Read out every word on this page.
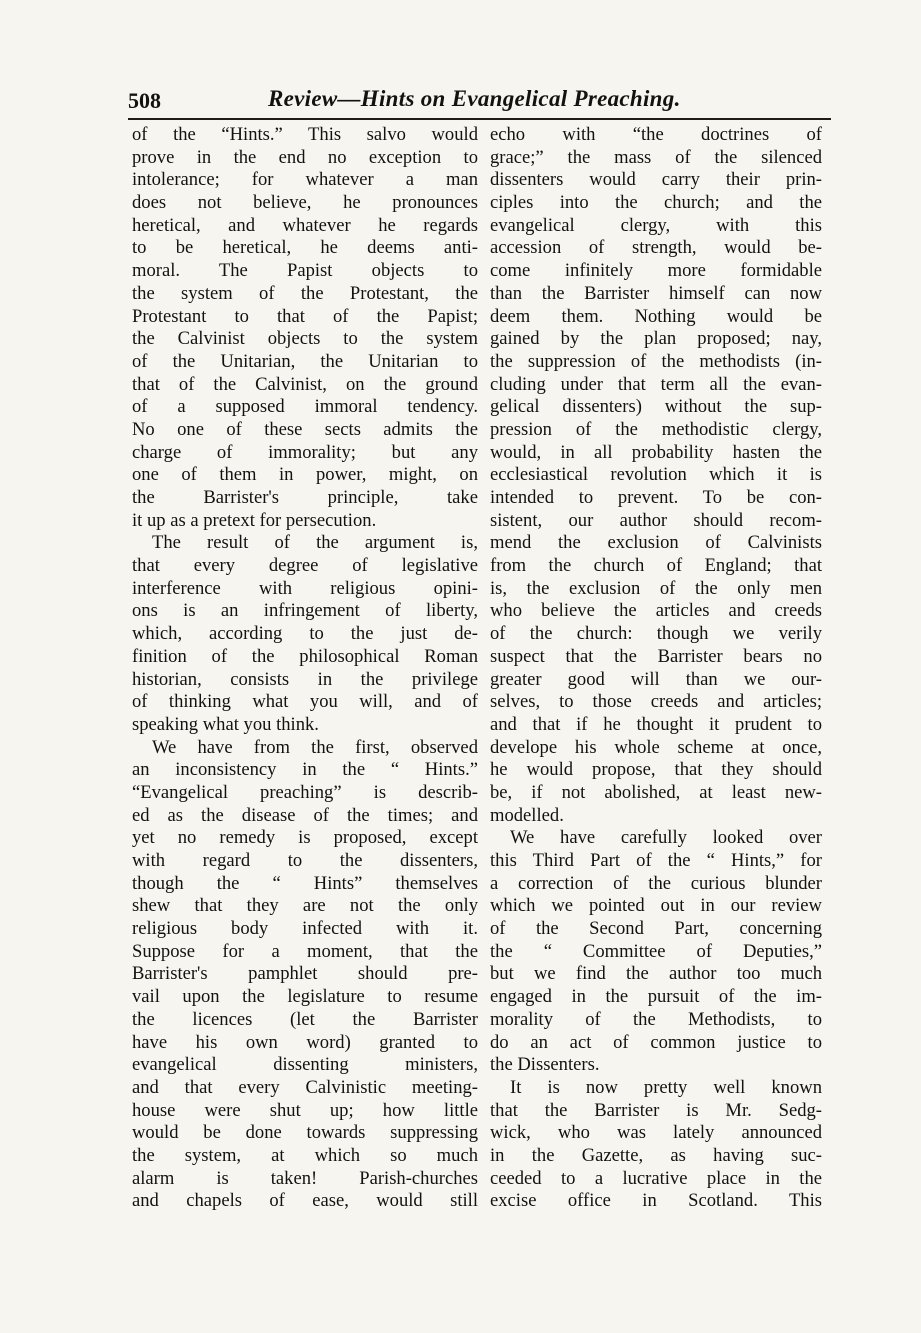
508	Review—Hints on Evangelical Preaching.
of the “Hints.” This salvo would
prove in the end no exception to
intolerance; for whatever a man
does not believe, he pronounces
heretical, and whatever he regards
to be heretical, he deems anti-
moral. The Papist objects to
the system of the Protestant, the
Protestant to that of the Papist;
the Calvinist objects to the system
of the Unitarian, the Unitarian to
that of the Calvinist, on the ground
of a supposed immoral tendency.
No one of these sects admits the
charge of immorality; but any
one of them in power, might, on
the Barrister's principle, take
it up as a pretext for persecution.
The result of the argument is,
that every degree of legislative
interference with religious opini-
ons is an infringement of liberty,
which, according to the just de-
finition of the philosophical Roman
historian, consists in the privilege
of thinking what you will, and of
speaking what you think.
We have from the first, observed
an inconsistency in the “ Hints.”
“Evangelical preaching” is describ-
ed as the disease of the times; and
yet no remedy is proposed, except
with regard to the dissenters,
though the “ Hints” themselves
shew that they are not the only
religious body infected with it.
Suppose for a moment, that the
Barrister's pamphlet should pre-
vail upon the legislature to resume
the licences (let the Barrister
have his own word) granted to
evangelical dissenting ministers,
and that every Calvinistic meeting-
house were shut up; how little
would be done towards suppressing
the system, at which so much
alarm is taken! Parish-churches
and chapels of ease, would still
echo with “the doctrines of
grace;” the mass of the silenced
dissenters would carry their prin-
ciples into the church; and the
evangelical clergy, with this
accession of strength, would be-
come infinitely more formidable
than the Barrister himself can now
deem them. Nothing would be
gained by the plan proposed; nay,
the suppression of the methodists (in-
cluding under that term all the evan-
gelical dissenters) without the sup-
pression of the methodistic clergy,
would, in all probability hasten the
ecclesiastical revolution which it is
intended to prevent. To be con-
sistent, our author should recom-
mend the exclusion of Calvinists
from the church of England; that
is, the exclusion of the only men
who believe the articles and creeds
of the church: though we verily
suspect that the Barrister bears no
greater good will than we our-
selves, to those creeds and articles;
and that if he thought it prudent to
develope his whole scheme at once,
he would propose, that they should
be, if not abolished, at least new-
modelled.
We have carefully looked over
this Third Part of the “ Hints,” for
a correction of the curious blunder
which we pointed out in our review
of the Second Part, concerning
the “ Committee of Deputies,”
but we find the author too much
engaged in the pursuit of the im-
morality of the Methodists, to
do an act of common justice to
the Dissenters.
It is now pretty well known
that the Barrister is Mr. Sedg-
wick, who was lately announced
in the Gazette, as having suc-
ceeded to a lucrative place in the
excise office in Scotland. This
